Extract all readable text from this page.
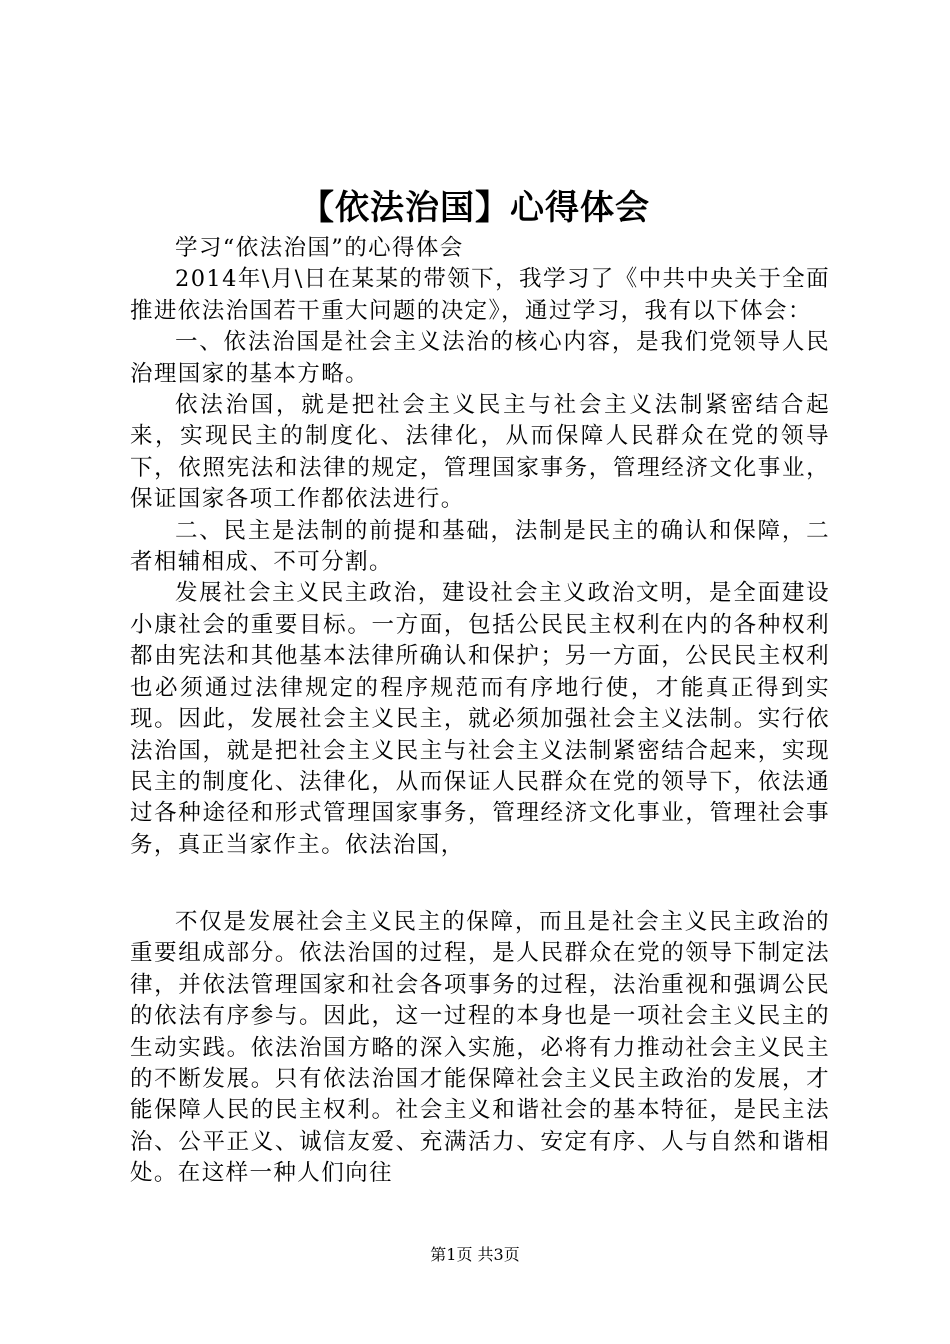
【依法治国】心得体会

学习“依法治国”的心得体会

2014年\月\日在某某的带领下，我学习了《中共中央关于全面推进依法治国若干重大问题的决定》，通过学习，我有以下体会：

一、依法治国是社会主义法治的核心内容，是我们党领导人民治理国家的基本方略。

依法治国，就是把社会主义民主与社会主义法制紧密结合起来，实现民主的制度化、法律化，从而保障人民群众在党的领导下，依照宪法和法律的规定，管理国家事务，管理经济文化事业，保证国家各项工作都依法进行。

二、民主是法制的前提和基础，法制是民主的确认和保障，二者相辅相成、不可分割。

发展社会主义民主政治，建设社会主义政治文明，是全面建设小康社会的重要目标。一方面，包括公民民主权利在内的各种权利都由宪法和其他基本法律所确认和保护；另一方面，公民民主权利也必须通过法律规定的程序规范而有序地行使，才能真正得到实现。因此，发展社会主义民主，就必须加强社会主义法制。实行依法治国，就是把社会主义民主与社会主义法制紧密结合起来，实现民主的制度化、法律化，从而保证人民群众在党的领导下，依法通过各种途径和形式管理国家事务，管理经济文化事业，管理社会事务，真正当家作主。依法治国，

不仅是发展社会主义民主的保障，而且是社会主义民主政治的重要组成部分。依法治国的过程，是人民群众在党的领导下制定法律，并依法管理国家和社会各项事务的过程，法治重视和强调公民的依法有序参与。因此，这一过程的本身也是一项社会主义民主的生动实践。依法治国方略的深入实施，必将有力推动社会主义民主的不断发展。只有依法治国才能保障社会主义民主政治的发展，才能保障人民的民主权利。社会主义和谐社会的基本特征，是民主法治、公平正义、诚信友爱、充满活力、安定有序、人与自然和谐相处。在这样一种人们向往

第1页 共3页
